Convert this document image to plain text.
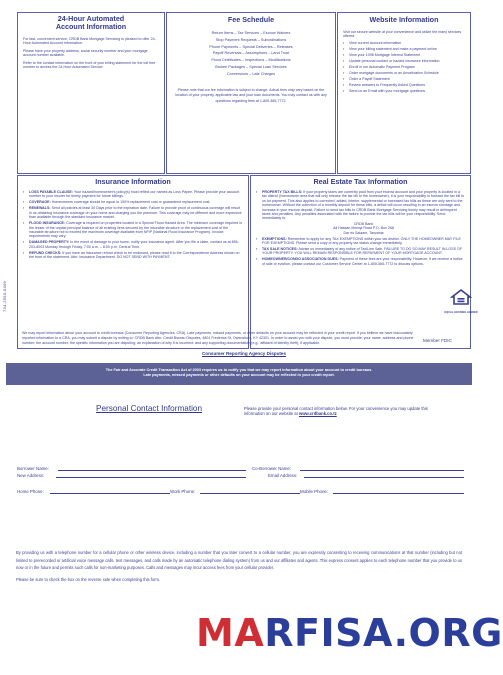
734-2550-0406
24-Hour Automated
Account Information

For fast, convenient service, CRDB Bank Mortgage Servicing is pleased to offer 24-Hour Automated Account Information.

Please have your property address, social security number and your mortgage account number available.

Refer to the contact information on the front of your billing statement for the toll free number to access the 24-Hour Automated Service.

Fee Schedule
Return Items – Tax Services – Escrow Waivers
Stop Payment Requests – Subordinations
Phone Payments – Special Deliveries – Releases
Payoff Reversals – Assumptions – Land Trust
Flood Certificates – Inspections – Modifications
Broken Packages – Special Loan Services
Conversions – Late Charges
Please note that our fee information is subject to change. Actual fees may vary based on the location of your property, applicable law and your loan documents. You may contact us with any questions regarding fees at 1-800-365-7772.
Website Information
Visit our secure website at your convenience and utilize the many services offered:
▪ View current account information
▪ View your billing statement and make a payment online
▪ View your 1098 Mortgage Interest Statement
▪ Update personal contact or hazard insurance information
▪ Enroll in our Automatic Payment Program
▪ Order mortgage documents or an Amortization Schedule
▪ Order a Payoff Statement
▪ Review answers to Frequently Asked Questions
▪ Send us an Email with your mortgage questions
Insurance Information
▪ LOSS PAYABLE CLAUSE: Your hazard/homeowner's policy(s) must reflect our names as Loss Payee. Please provide your account number to your insurer for timely payment for future billings.
▪ COVERAGE: Homeowners coverage should be equal to 100% replacement cost or guaranteed replacement cost.
▪ RENEWALS: Send all policies at least 30 Days prior to the expiration date. Failure to provide proof of continuous coverage will result in us obtaining insurance coverage on your home and charging you the premium. This coverage may be different and more expensive than available through the standard insurance market.
▪ FLOOD INSURANCE: Coverage is required on properties located in a Special Flood Hazard Area. The minimum coverage required is the lesser of the unpaid principal balance of all existing liens secured by the insurable structure or the replacement cost of the insurable structure not to exceed the maximum coverage available from NFIP (National Flood Insurance Program). Invoice requirements may vary.
▪ DAMAGED PROPERTY: In the event of damage to your home, notify your insurance agent. After you file a claim, contact us at 855-203-8003 Monday through Friday, 7:00 a.m. – 8:00 p.m. Central Time.
▪ REFUND CHECKS: If you have an insurance refund check to be endorsed, please read it to the Correspondence Address shown on the front of the statement. Attn: Insurance Department. DO NOT SEND WITH PAYMENT.
Real Estate Tax Information
▪ PROPERTY TAX BILLS: If your property taxes are currently paid from your escrow account and your property is located in a tax district (homeowner area that will only release the tax bill to the homeowner), it is your responsibility to forward the tax bill to us for payment. This also applies to corrected, added, interim, supplemental or increased tax bills as these are only sent to the homeowner. Without the collection of a monthly deposit for these bills, a deficit will occur resulting in an escrow shortage and increase in your escrow deposit. Failure to send tax bills to CRDB Bank Mortgage Servicing timely may result in delinquent taxes and penalties. Any penalties associated with the failure to provide the tax bills will be your responsibility. Send immediately to:
CRDB Bank
Ali Hassan Mwinyi Road P.O. Box 268
Dar es Salaam, Tanzania
▪ EXEMPTIONS: Remember to apply for any TAX EXEMPTIONS within your tax district. ONLY THE HOMEOWNER MAY FILE FOR EXEMPTIONS. Please send a copy of any property tax status change immediately.
▪ TAX SALE NOTICES: Advise us immediately of any notice of Tax/Lien Sale. FAILURE TO DO SO MAY RESULT IN LOSS OF YOUR PROPERTY. YOU WILL REMAIN RESPONSIBLE FOR REPAYMENT OF YOUR MORTGAGE ACCOUNT.
▪ HOMEOWNER/CONDO ASSOCIATION DUES: Payment of these fees are your responsibility. However, if we receive a notice of sale or eviction, please contact our Customer Service Center at 1-800-365-7772 to discuss options.
Consumer Reporting Agency Disputes
EQUAL HOUSING LENDER
Member FDIC
We may report information about your account to credit bureaus (Consumer Reporting Agencies, CRA). Late payments, missed payments, or other defaults on your account may be reflected in your credit report. If you believe we have inaccurately reported information to a CRA, you may submit a dispute by writing to: CRDB Bank Attn: Credit Bureau Disputes, 4801 Frederica St, Owensboro, KY 42301. In order to assist you with your dispute, you must provide: your name, address and phone number; the account number; the specific information you are disputing; an explanation of why it is incorrect; and any supporting documentation (e.g., affidavit of identity theft), if applicable.
The Fair and Accurate Credit Transaction Act of 2003 requires us to notify you that we may report information about your account to credit bureaus.
Late payments, missed payments or other defaults on your account may be reflected in your credit report.
Personal Contact Information	Please provide your personal contact information below. For your convenience you may update this information on our website at www.crdbank.co.tz
Borrower Name:	Co-Borrower Name:
New Address:	Email Address:
Home Phone:	Work Phone:	Mobile Phone:

By providing us with a telephone number for a cellular phone or other wireless device, including a number that you later convert to a cellular number, you are expressly consenting to receiving communications at that number (including but not limited to prerecorded or artificial voice message calls, text messages, and calls made by an automatic telephone dialing system) from us and our affiliates and agents. This express consent applies to each telephone number that you provide to us now or in the future and permits such calls for non-marketing purposes. Calls and messages may incur access fees from your cellular provider.

Please be sure to check the box on the reverse side when completing this form.

MARFISA.ORG
